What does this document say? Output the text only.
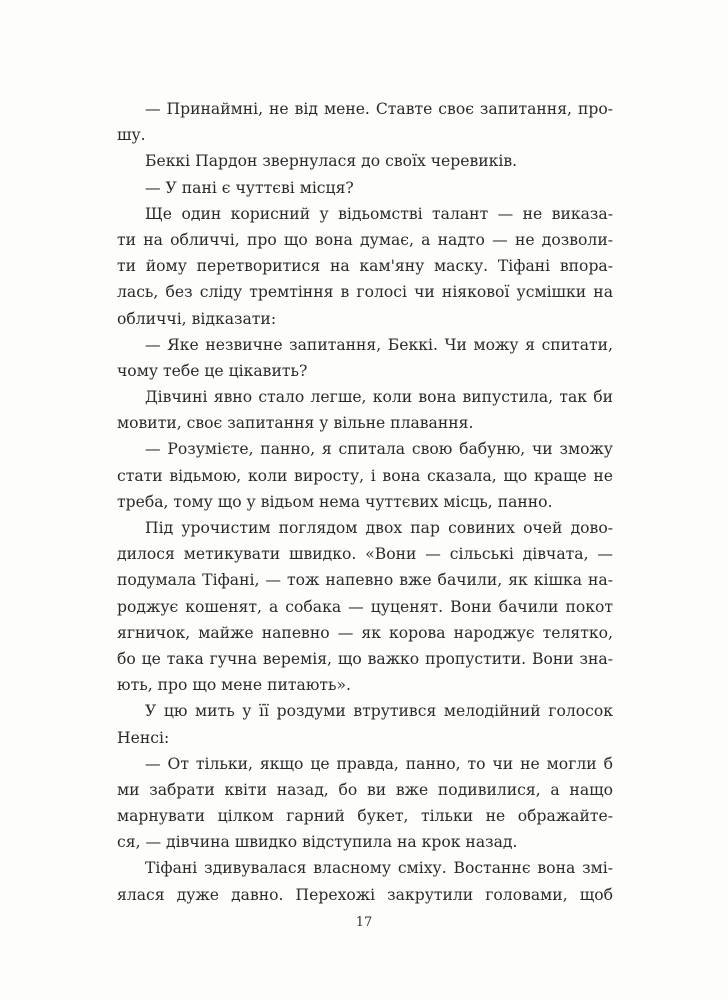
— Принаймні, не від мене. Ставте своє запитання, про-
шу.
Беккі Пардон звернулася до своїх черевиків.
— У пані є чуттєві місця?
Ще один корисний у відьомстві талант — не виказа-
ти на обличчі, про що вона думає, а надто — не дозволи-
ти йому перетворитися на кам'яну маску. Тіфані впора-
лась, без сліду тремтіння в голосі чи ніякової усмішки на
обличчі, відказати:
— Яке незвичне запитання, Беккі. Чи можу я спитати,
чому тебе це цікавить?
Дівчині явно стало легше, коли вона випустила, так би
мовити, своє запитання у вільне плавання.
— Розумієте, панно, я спитала свою бабуню, чи зможу
стати відьмою, коли виросту, і вона сказала, що краще не
треба, тому що у відьом нема чуттєвих місць, панно.
Під урочистим поглядом двох пар совиних очей дово-
дилося метикувати швидко. «Вони — сільські дівчата, —
подумала Тіфані, — тож напевно вже бачили, як кішка на-
роджує кошенят, а собака — цуценят. Вони бачили покот
ягничок, майже напевно — як корова народжує телятко,
бо це така гучна веремія, що важко пропустити. Вони зна-
ють, про що мене питають».
У цю мить у її роздуми втрутився мелодійний голосок
Ненсі:
— От тільки, якщо це правда, панно, то чи не могли б
ми забрати квіти назад, бо ви вже подивилися, а нащо
марнувати цілком гарний букет, тільки не ображайте-
ся, — дівчина швидко відступила на крок назад.
Тіфані здивувалася власному сміху. Востаннє вона змі-
ялася дуже давно. Перехожі закрутили головами, щоб
17
